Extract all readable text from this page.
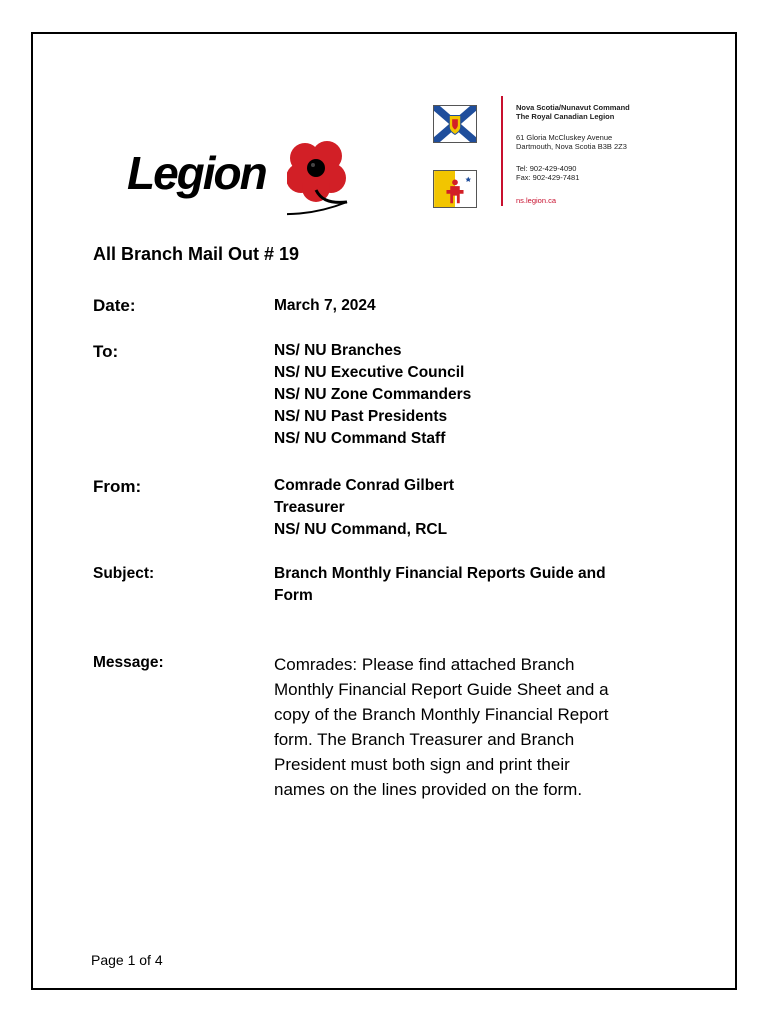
Legion
Nova Scotia/Nunavut Command
The Royal Canadian Legion
61 Gloria McCluskey Avenue
Dartmouth, Nova Scotia B3B 2Z3
Tel: 902-429-4090
Fax: 902-429-7481
ns.legion.ca
All Branch Mail Out # 19
Date:	March 7, 2024
To:	NS/ NU Branches
NS/ NU Executive Council
NS/ NU Zone Commanders
NS/ NU Past Presidents
NS/ NU Command Staff
From:	Comrade Conrad Gilbert
Treasurer
NS/ NU Command, RCL
Subject:	Branch Monthly Financial Reports Guide and
Form
Message:	Comrades: Please find attached Branch

Monthly Financial Report Guide Sheet and a

copy of the Branch Monthly Financial Report

form. The Branch Treasurer and Branch

President must both sign and print their

names on the lines provided on the form.

Page 1 of 4
